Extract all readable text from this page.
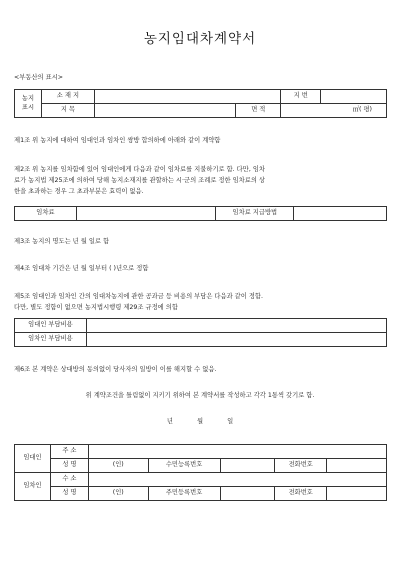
농지임대차계약서
<부동산의 표시>
농지
표시	소 재 지			지 번	
	지 목		면 적	㎡( 평)	
제1조 위 농지에 대하여 임대인과 임차인 쌍방 합의하에 아래와 같이 계약함
제2조 위 농지를 임차함에 있어 임대인에게 다음과 같이 임차료를 지불하기로 함. 다만, 임차
료가 농지법 제25조에 의하여 당해 농지소재지를 관할하는 시·군의 조례로 정한 임차료의 상
한을 초과하는 경우 그 초과부분은 효력이 없음.
임차료		임차료 지급방법	
제3조 농지의 명도는 년 월 일로 함
제4조 임대차 기간은 년 월 일부터 ( )년으로 정함
제5조 임대인과 임차인 간의 임대차농지에 관한 공과금 등 비용의 부담은 다음과 같이 정함.
다만, 별도 정함이 없으면 농지법시행령 제29조 규정에 의함
임대인 부담비용	
임차인 부담비용	
제6조 본 계약은 상대방의 동의없이 당사자의 일방이 이를 해지할 수 없음.
위 계약조건을 틀림없이 지키기 위하여 본 계약서를 작성하고 각각 1통씩 갖기로 함.
년	월	일
임대인	주 소					
	성 명	(인)	수민능록번호		전화번호	
임차인	수 소					
	성 명	(인)	주민등록번호		전화번호	
